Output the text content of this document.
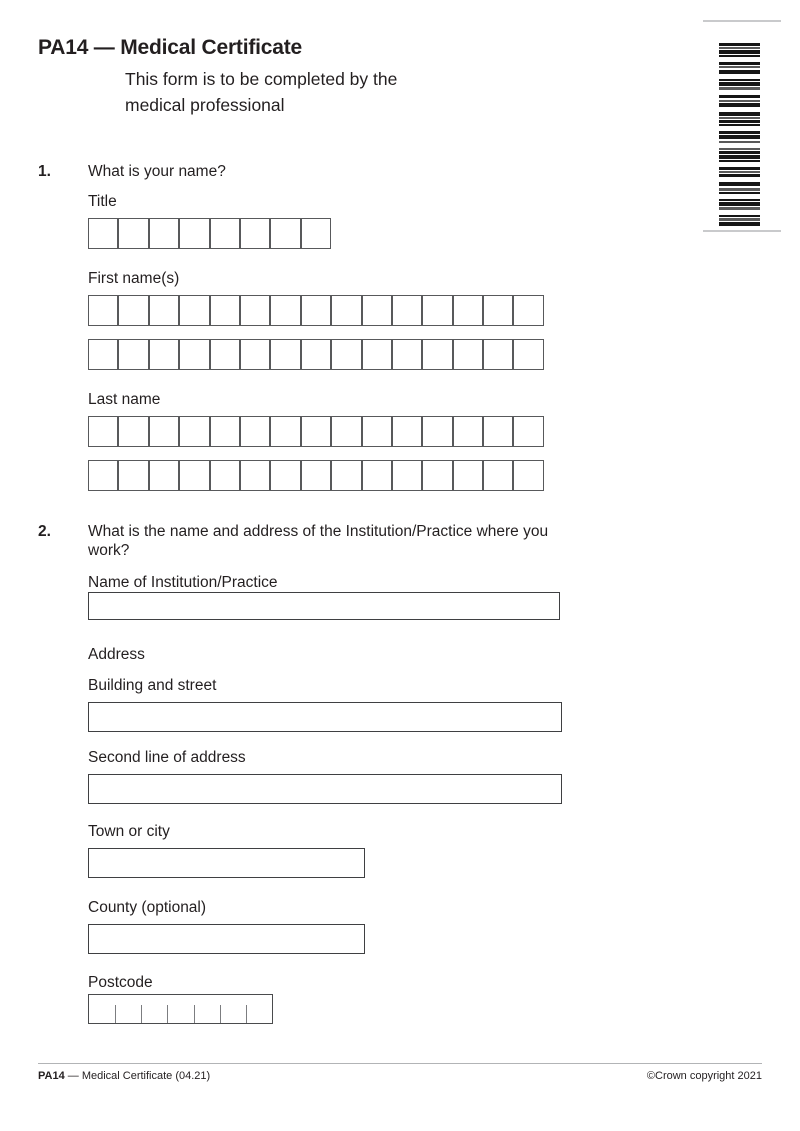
PA14 — Medical Certificate
This form is to be completed by the medical professional
1.	What is your name?
Title
First name(s)
Last name
2.	What is the name and address of the Institution/Practice where you work?
Name of Institution/Practice
Address
Building and street
Second line of address
Town or city
County (optional)
Postcode
PA14 — Medical Certificate (04.21)	©Crown copyright 2021
